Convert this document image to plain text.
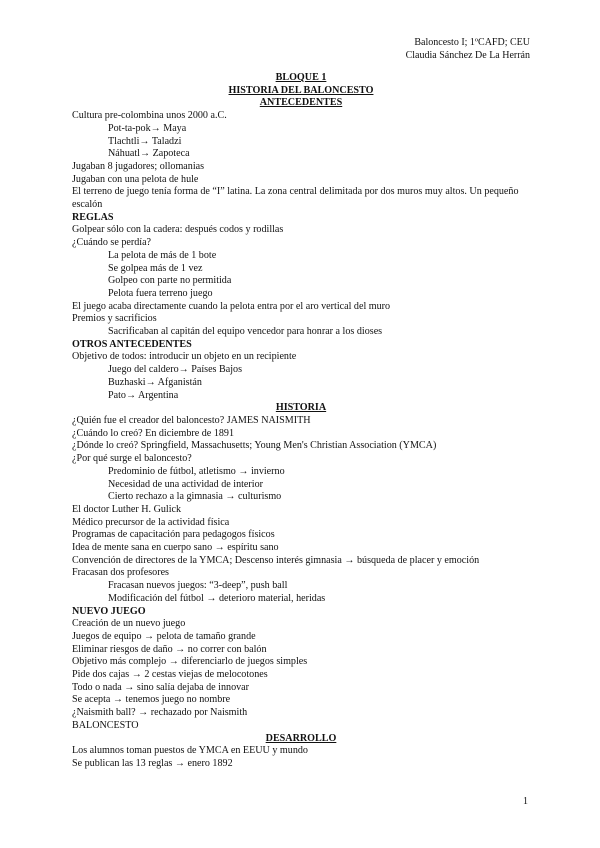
Baloncesto I; 1ºCAFD; CEU
Claudia Sánchez De La Herrán
BLOQUE 1
HISTORIA DEL BALONCESTO
ANTECEDENTES
Cultura pre-colombina unos 2000 a.C.
Pot-ta-pok→ Maya
Tlachtli→ Taladzi
Náhuatl→ Zapoteca
Jugaban 8 jugadores; ollomanias
Jugaban con una pelota de hule
El terreno de juego tenía forma de “I” latina. La zona central delimitada por dos muros muy altos. Un pequeño escalón
REGLAS
Golpear sólo con la cadera: después codos y rodillas
¿Cuándo se perdía?
La pelota de más de 1 bote
Se golpea más de 1 vez
Golpeo con parte no permitida
Pelota fuera terreno juego
El juego acaba directamente cuando la pelota entra por el aro vertical del muro
Premios y sacrificios
Sacrificaban al capitán del equipo vencedor para honrar a los dioses
OTROS ANTECEDENTES
Objetivo de todos: introducir un objeto en un recipiente
Juego del caldero→ Países Bajos
Buzhaski→ Afganistán
Pato→ Argentina
HISTORIA
¿Quién fue el creador del baloncesto? JAMES NAISMITH
¿Cuándo lo creó? En diciembre de 1891
¿Dónde lo creó? Springfield, Massachusetts; Young Men's Christian Association (YMCA)
¿Por qué surge el baloncesto?
Predominio de fútbol, atletismo → invierno
Necesidad de una actividad de interior
Cierto rechazo a la gimnasia → culturismo
El doctor Luther H. Gulick
Médico precursor de la actividad física
Programas de capacitación para pedagogos físicos
Idea de mente sana en cuerpo sano → espíritu sano
Convención de directores de la YMCA; Descenso interés gimnasia → búsqueda de placer y emoción
Fracasan dos profesores
Fracasan nuevos juegos: “3-deep”, push ball
Modificación del fútbol → deterioro material, heridas
NUEVO JUEGO
Creación de un nuevo juego
Juegos de equipo → pelota de tamaño grande
Eliminar riesgos de daño → no correr con balón
Objetivo más complejo → diferenciarlo de juegos simples
Pide dos cajas → 2 cestas viejas de melocotones
Todo o nada → sino salía dejaba de innovar
Se acepta → tenemos juego no nombre
¿Naismith ball? → rechazado por Naismith
BALONCESTO
DESARROLLO
Los alumnos toman puestos de YMCA en EEUU y mundo
Se publican las 13 reglas → enero 1892
1
